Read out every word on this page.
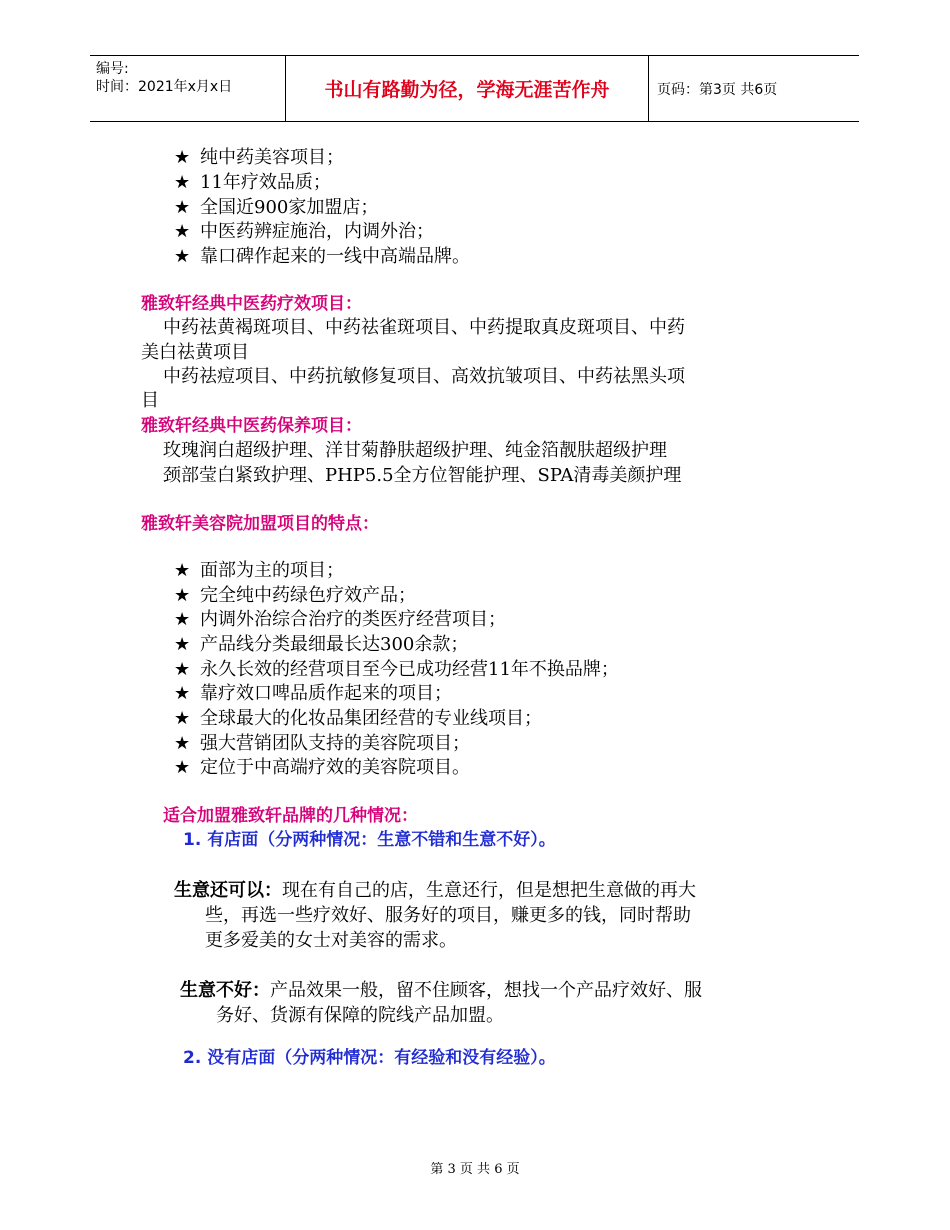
编号:
时间：2021年x月x日	书山有路勤为径，学海无涯苦作舟	页码：第3页 共6页
★ 纯中药美容项目；
★ 11年疗效品质；
★ 全国近900家加盟店；
★ 中医药辨症施治，内调外治；
★ 靠口碑作起来的一线中高端品牌。
雅致轩经典中医药疗效项目：
中药祛黄褐斑项目、中药祛雀斑项目、中药提取真皮斑项目、中药
美白祛黄项目
中药祛痘项目、中药抗敏修复项目、高效抗皱项目、中药祛黑头项
目
雅致轩经典中医药保养项目：
玫瑰润白超级护理、洋甘菊静肤超级护理、纯金箔靓肤超级护理
颈部莹白紧致护理、PHP5.5全方位智能护理、SPA清毒美颜护理
雅致轩美容院加盟项目的特点：
★ 面部为主的项目；
★ 完全纯中药绿色疗效产品；
★ 内调外治综合治疗的类医疗经营项目；
★ 产品线分类最细最长达300余款；
★ 永久长效的经营项目至今已成功经营11年不换品牌；
★ 靠疗效口啤品质作起来的项目；
★ 全球最大的化妆品集团经营的专业线项目；
★ 强大营销团队支持的美容院项目；
★ 定位于中高端疗效的美容院项目。
适合加盟雅致轩品牌的几种情况：
1. 有店面（分两种情况：生意不错和生意不好）。
生意还可以：现在有自己的店，生意还行，但是想把生意做的再大
些，再选一些疗效好、服务好的项目，赚更多的钱，同时帮助
更多爱美的女士对美容的需求。
生意不好：产品效果一般，留不住顾客，想找一个产品疗效好、服
务好、货源有保障的院线产品加盟。
2. 没有店面（分两种情况：有经验和没有经验）。
第 3 页 共 6 页
